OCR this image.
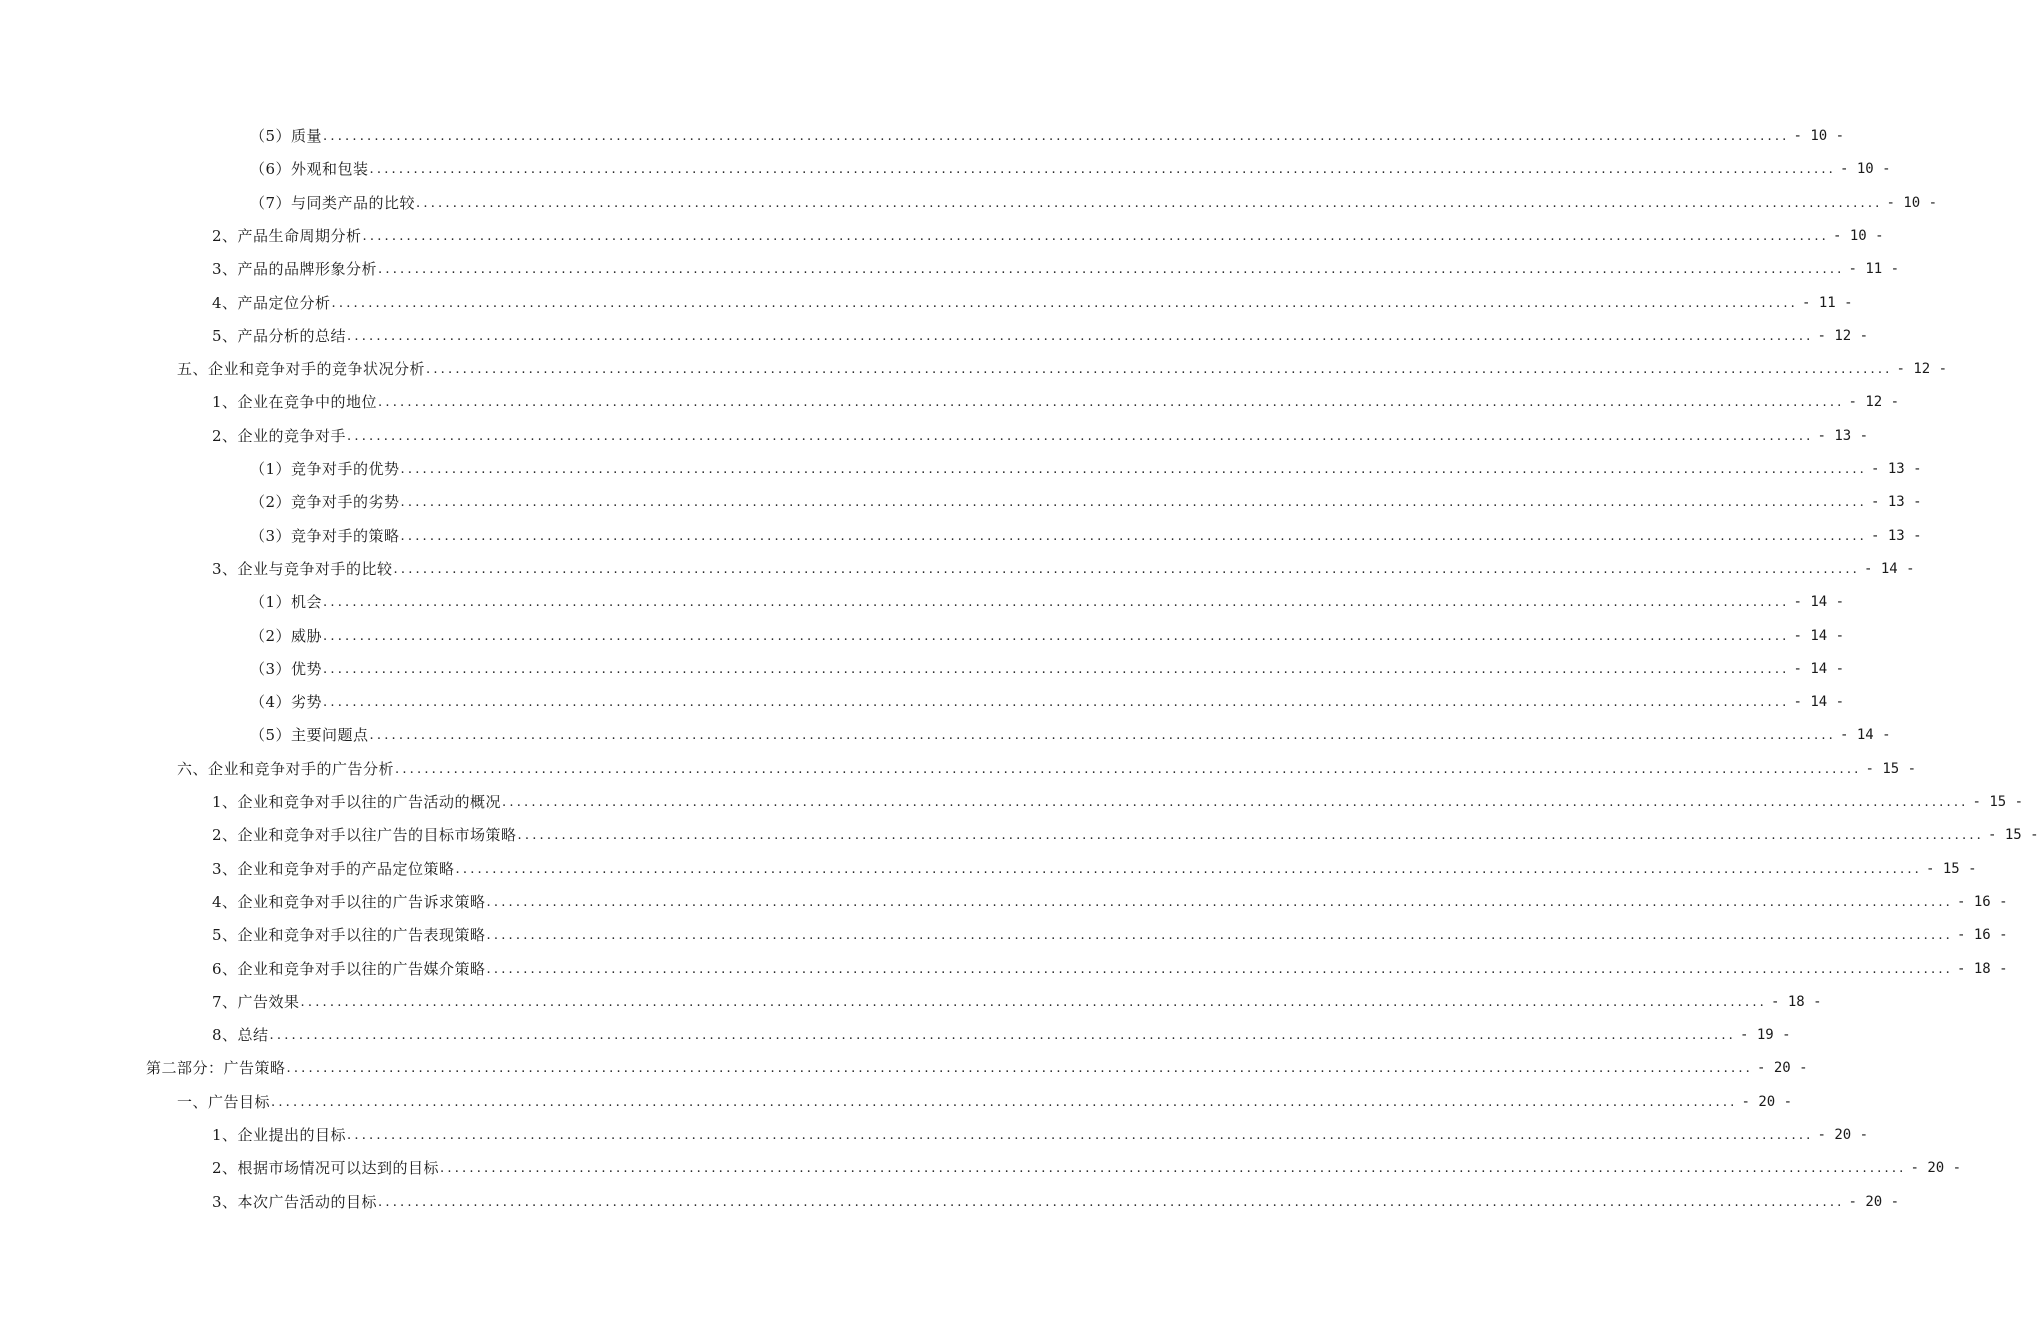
（5）质量 ........................................................................................................................................................................................................ - 10 -
（6）外观和包装 ........................................................................................................................................................................................................ - 10 -
（7）与同类产品的比较 ........................................................................................................................................................................................................ - 10 -
2、产品生命周期分析 ........................................................................................................................................................................................................ - 10 -
3、产品的品牌形象分析 ........................................................................................................................................................................................................ - 11 -
4、产品定位分析 ........................................................................................................................................................................................................ - 11 -
5、产品分析的总结 ........................................................................................................................................................................................................ - 12 -
五、企业和竞争对手的竞争状况分析 ........................................................................................................................................................................................................ - 12 -
1、企业在竞争中的地位 ........................................................................................................................................................................................................ - 12 -
2、企业的竞争对手 ........................................................................................................................................................................................................ - 13 -
（1）竞争对手的优势 ........................................................................................................................................................................................................ - 13 -
（2）竞争对手的劣势 ........................................................................................................................................................................................................ - 13 -
（3）竞争对手的策略 ........................................................................................................................................................................................................ - 13 -
3、企业与竞争对手的比较 ........................................................................................................................................................................................................ - 14 -
（1）机会 ........................................................................................................................................................................................................ - 14 -
（2）威胁 ........................................................................................................................................................................................................ - 14 -
（3）优势 ........................................................................................................................................................................................................ - 14 -
（4）劣势 ........................................................................................................................................................................................................ - 14 -
（5）主要问题点 ........................................................................................................................................................................................................ - 14 -
六、企业和竞争对手的广告分析 ........................................................................................................................................................................................................ - 15 -
1、企业和竞争对手以往的广告活动的概况 ........................................................................................................................................................................................................ - 15 -
2、企业和竞争对手以往广告的目标市场策略 ........................................................................................................................................................................................................ - 15 -
3、企业和竞争对手的产品定位策略 ........................................................................................................................................................................................................ - 15 -
4、企业和竞争对手以往的广告诉求策略 ........................................................................................................................................................................................................ - 16 -
5、企业和竞争对手以往的广告表现策略 ........................................................................................................................................................................................................ - 16 -
6、企业和竞争对手以往的广告媒介策略 ........................................................................................................................................................................................................ - 18 -
7、广告效果 ........................................................................................................................................................................................................ - 18 -
8、总结 ........................................................................................................................................................................................................ - 19 -
第二部分：广告策略 ........................................................................................................................................................................................................ - 20 -
一、广告目标 ........................................................................................................................................................................................................ - 20 -
1、企业提出的目标 ........................................................................................................................................................................................................ - 20 -
2、根据市场情况可以达到的目标 ........................................................................................................................................................................................................ - 20 -
3、本次广告活动的目标 ........................................................................................................................................................................................................ - 20 -
